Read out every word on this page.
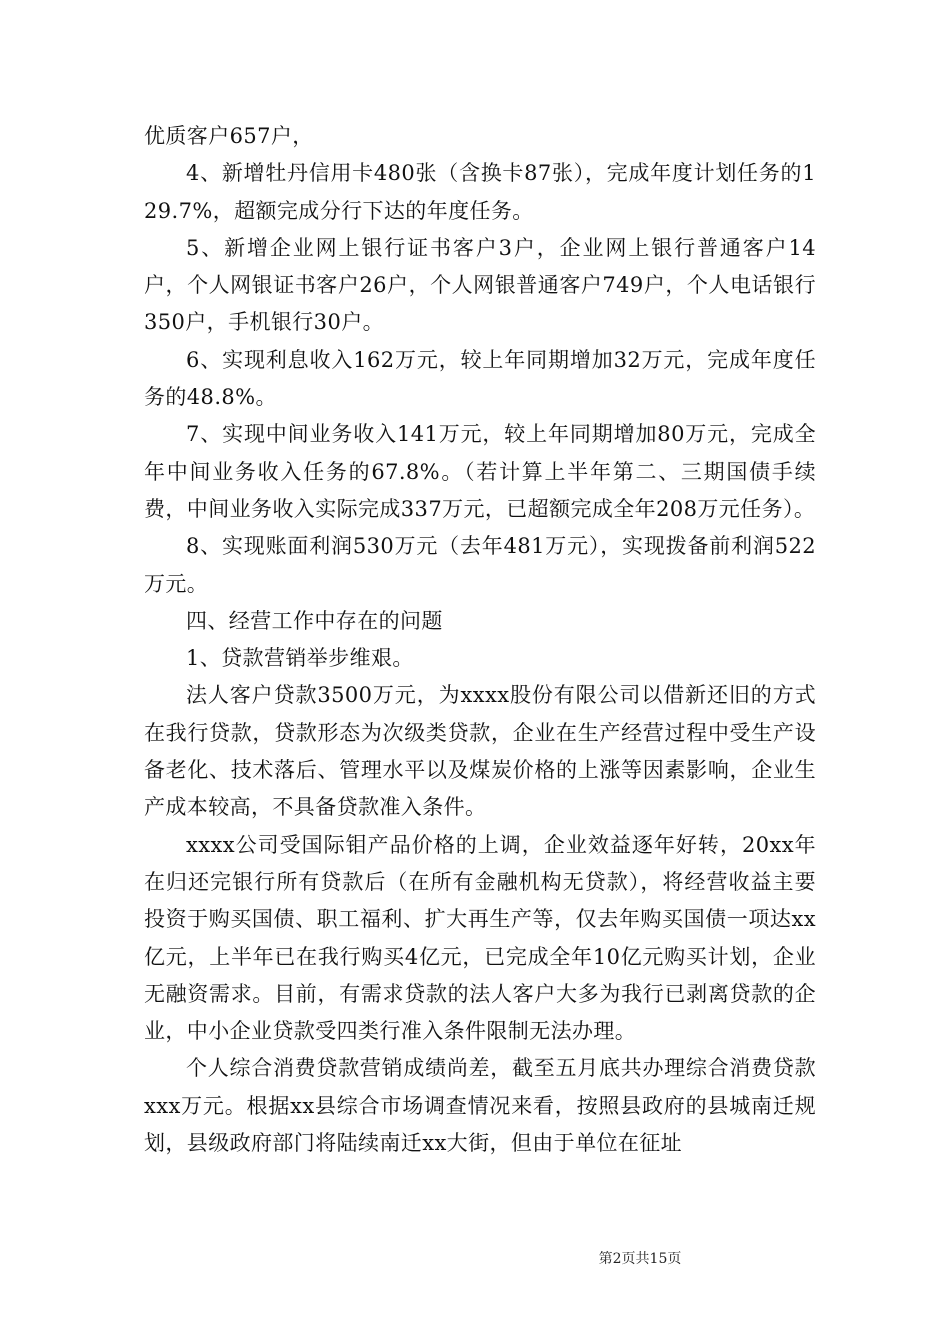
优质客户657户，

4、新增牡丹信用卡480张（含换卡87张），完成年度计划任务的129.7%，超额完成分行下达的年度任务。

5、新增企业网上银行证书客户3户，企业网上银行普通客户14户，个人网银证书客户26户，个人网银普通客户749户，个人电话银行350户，手机银行30户。

6、实现利息收入162万元，较上年同期增加32万元，完成年度任务的48.8%。

7、实现中间业务收入141万元，较上年同期增加80万元，完成全年中间业务收入任务的67.8%。（若计算上半年第二、三期国债手续费，中间业务收入实际完成337万元，已超额完成全年208万元任务）。

8、实现账面利润530万元（去年481万元），实现拨备前利润522万元。

四、经营工作中存在的问题

1、贷款营销举步维艰。

法人客户贷款3500万元，为xxxx股份有限公司以借新还旧的方式在我行贷款，贷款形态为次级类贷款，企业在生产经营过程中受生产设备老化、技术落后、管理水平以及煤炭价格的上涨等因素影响，企业生产成本较高，不具备贷款准入条件。

xxxx公司受国际钼产品价格的上调，企业效益逐年好转，20xx年在归还完银行所有贷款后（在所有金融机构无贷款），将经营收益主要投资于购买国债、职工福利、扩大再生产等，仅去年购买国债一项达xx亿元，上半年已在我行购买4亿元，已完成全年10亿元购买计划，企业无融资需求。目前，有需求贷款的法人客户大多为我行已剥离贷款的企业，中小企业贷款受四类行准入条件限制无法办理。

个人综合消费贷款营销成绩尚差，截至五月底共办理综合消费贷款xxx万元。根据xx县综合市场调查情况来看，按照县政府的县城南迁规划，县级政府部门将陆续南迁xx大街，但由于单位在征址

第2页共15页
